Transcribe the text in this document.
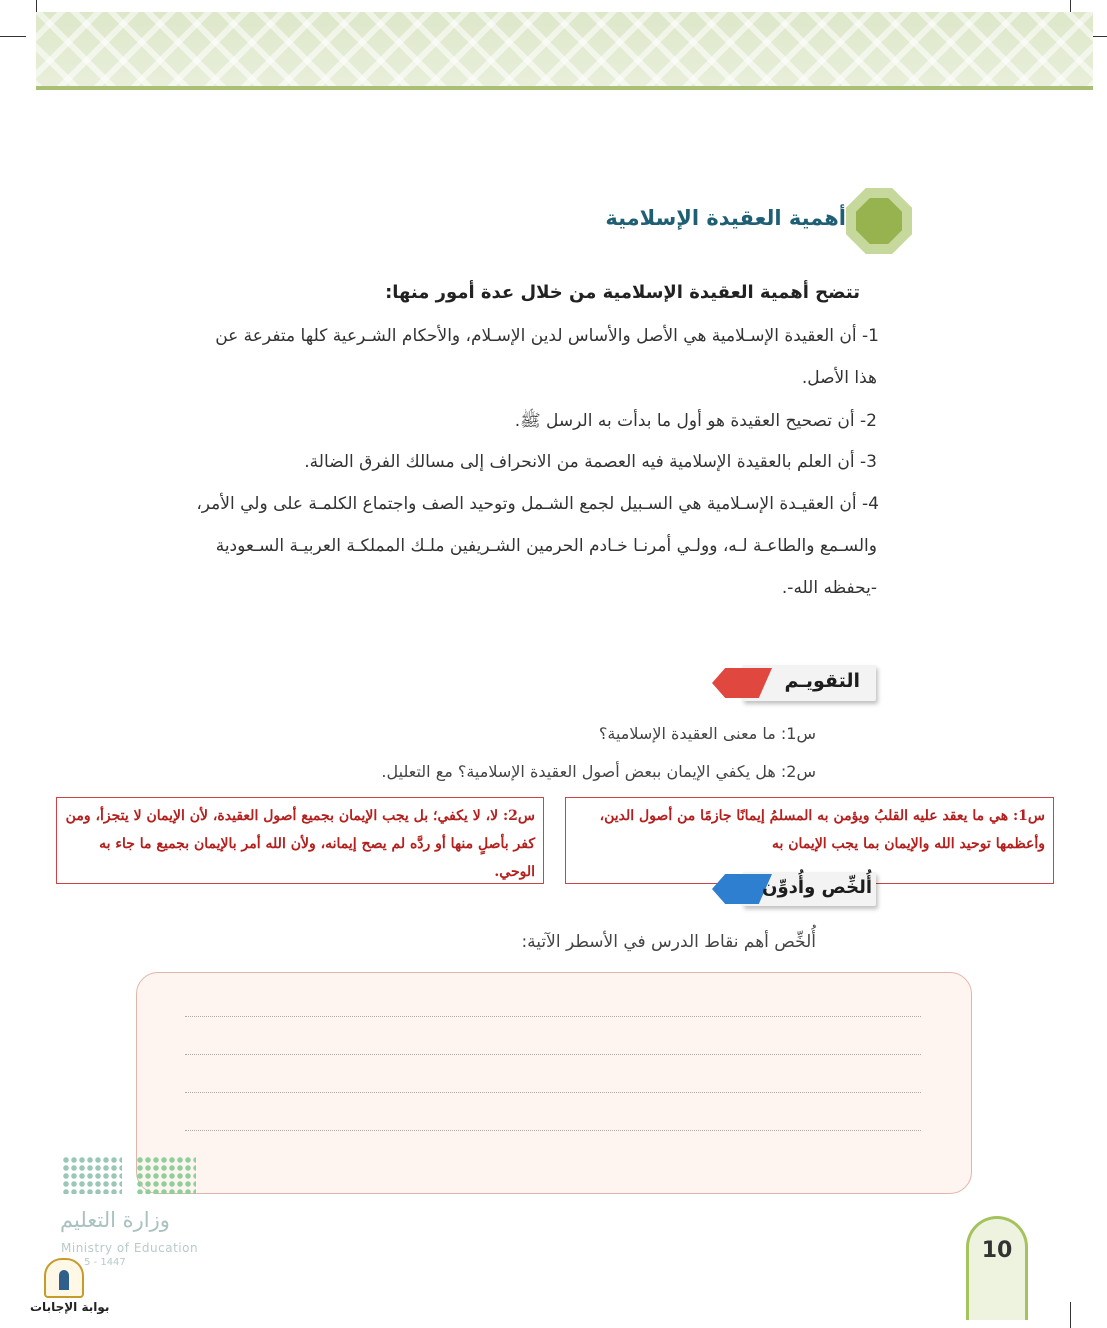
أهمية العقيدة الإسلامية
تتضح أهمية العقيدة الإسلامية من خلال عدة أمور منها:
1- أن العقيدة الإسـلامية هي الأصل والأساس لدين الإسـلام، والأحكام الشـرعية كلها متفرعة عن
هذا الأصل.
2- أن تصحيح العقيدة هو أول ما بدأت به الرسل ﷺ.
3- أن العلم بالعقيدة الإسلامية فيه العصمة من الانحراف إلى مسالك الفرق الضالة.
4- أن العقيـدة الإسـلامية هي السـبيل لجمع الشـمل وتوحيد الصف واجتماع الكلمـة على ولي الأمر،
والسـمع والطاعـة لـه، وولـي أمرنـا خـادم الحرمين الشـريفين ملـك المملكـة العربيـة السـعودية
-يحفظه الله-.
التقويـم
س1: ما معنى العقيدة الإسلامية؟
س2: هل يكفي الإيمان ببعض أصول العقيدة الإسلامية؟ مع التعليل.
س1: هي ما يعقد عليه القلبُ ويؤمن به المسلمُ إيمانًا جازمًا من أصول الدين، وأعظمها توحيد الله والإيمان بما يجب الإيمان به
س2: لا، لا يكفي؛ بل يجب الإيمان بجميع أصول العقيدة، لأن الإيمان لا يتجزأ، ومن كفر بأصلٍ منها أو ردَّه لم يصح إيمانه، ولأن الله أمر بالإيمان بجميع ما جاء به الوحي.
أُلخِّص وأُدوِّن
أُلخِّص أهم نقاط الدرس في الأسطر الآتية:
وزارة التعليم
Ministry of Education
5 - 1447
بوابة الإجابات
10
